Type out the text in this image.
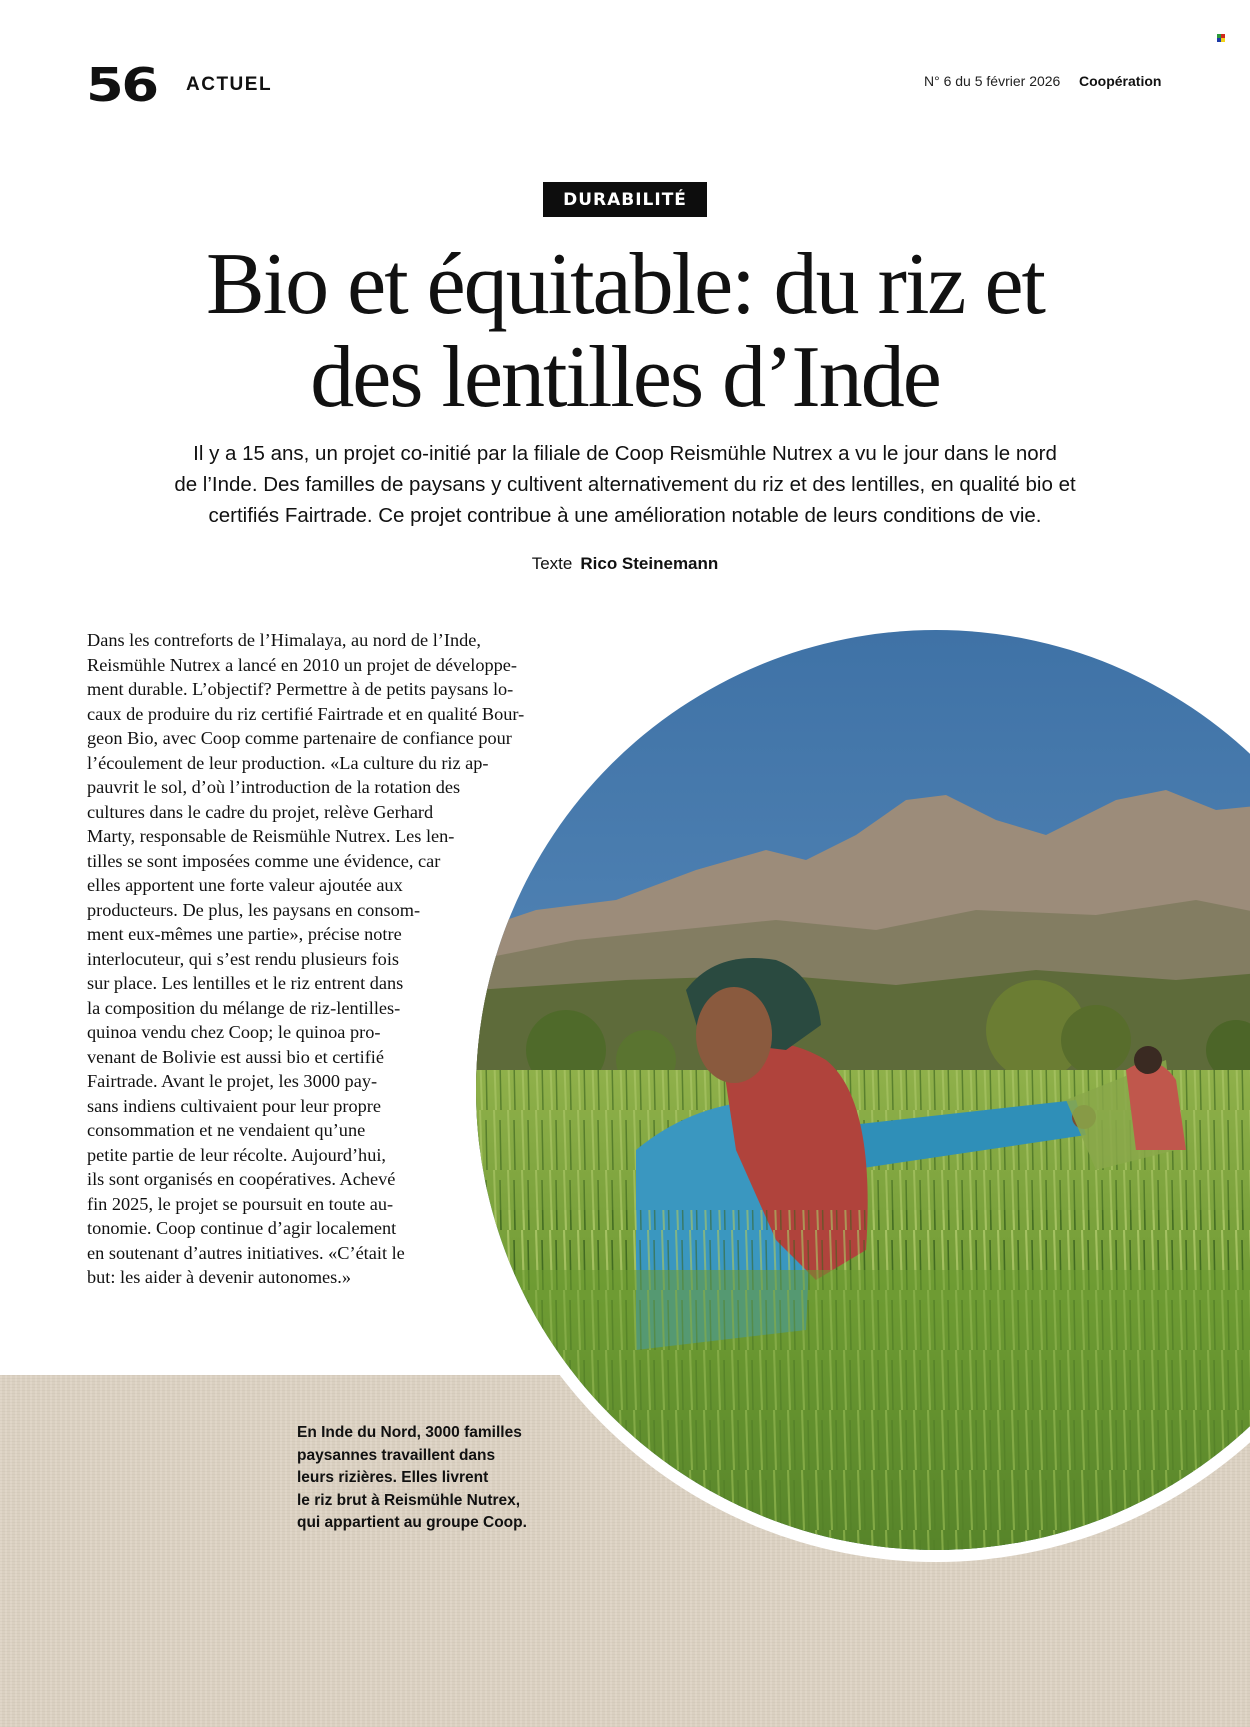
56 ACTUEL	N° 6 du 5 février 2026 Coopération
DURABILITÉ
Bio et équitable: du riz et
des lentilles d’Inde

Il y a 15 ans, un projet co-initié par la filiale de Coop Reismühle Nutrex a vu le jour dans le nord
de l’Inde. Des familles de paysans y cultivent alternativement du riz et des lentilles, en qualité bio et
certifiés Fairtrade. Ce projet contribue à une amélioration notable de leurs conditions de vie.

Texte Rico Steinemann

Dans les contreforts de l’Himalaya, au nord de l’Inde,
Reismühle Nutrex a lancé en 2010 un projet de développe-
ment durable. L’objectif? Permettre à de petits paysans lo-
caux de produire du riz certifié Fairtrade et en qualité Bour-
geon Bio, avec Coop comme partenaire de confiance pour
l’écoulement de leur production. «La culture du riz ap-
pauvrit le sol, d’où l’introduction de la rotation des
cultures dans le cadre du projet, relève Gerhard
Marty, responsable de Reismühle Nutrex. Les len-
tilles se sont imposées comme une évidence, car
elles apportent une forte valeur ajoutée aux
producteurs. De plus, les paysans en consom-
ment eux-mêmes une partie», précise notre
interlocuteur, qui s’est rendu plusieurs fois
sur place. Les lentilles et le riz entrent dans
la composition du mélange de riz-lentilles-
quinoa vendu chez Coop; le quinoa pro-
venant de Bolivie est aussi bio et certifié
Fairtrade. Avant le projet, les 3000 pay-
sans indiens cultivaient pour leur propre
consommation et ne vendaient qu’une
petite partie de leur récolte. Aujourd’hui,
ils sont organisés en coopératives. Achevé
fin 2025, le projet se poursuit en toute au-
tonomie. Coop continue d’agir localement
en soutenant d’autres initiatives. «C’était le
but: les aider à devenir autonomes.»

En Inde du Nord, 3000 familles
paysannes travaillent dans
leurs rizières. Elles livrent
le riz brut à Reismühle Nutrex,
qui appartient au groupe Coop.
